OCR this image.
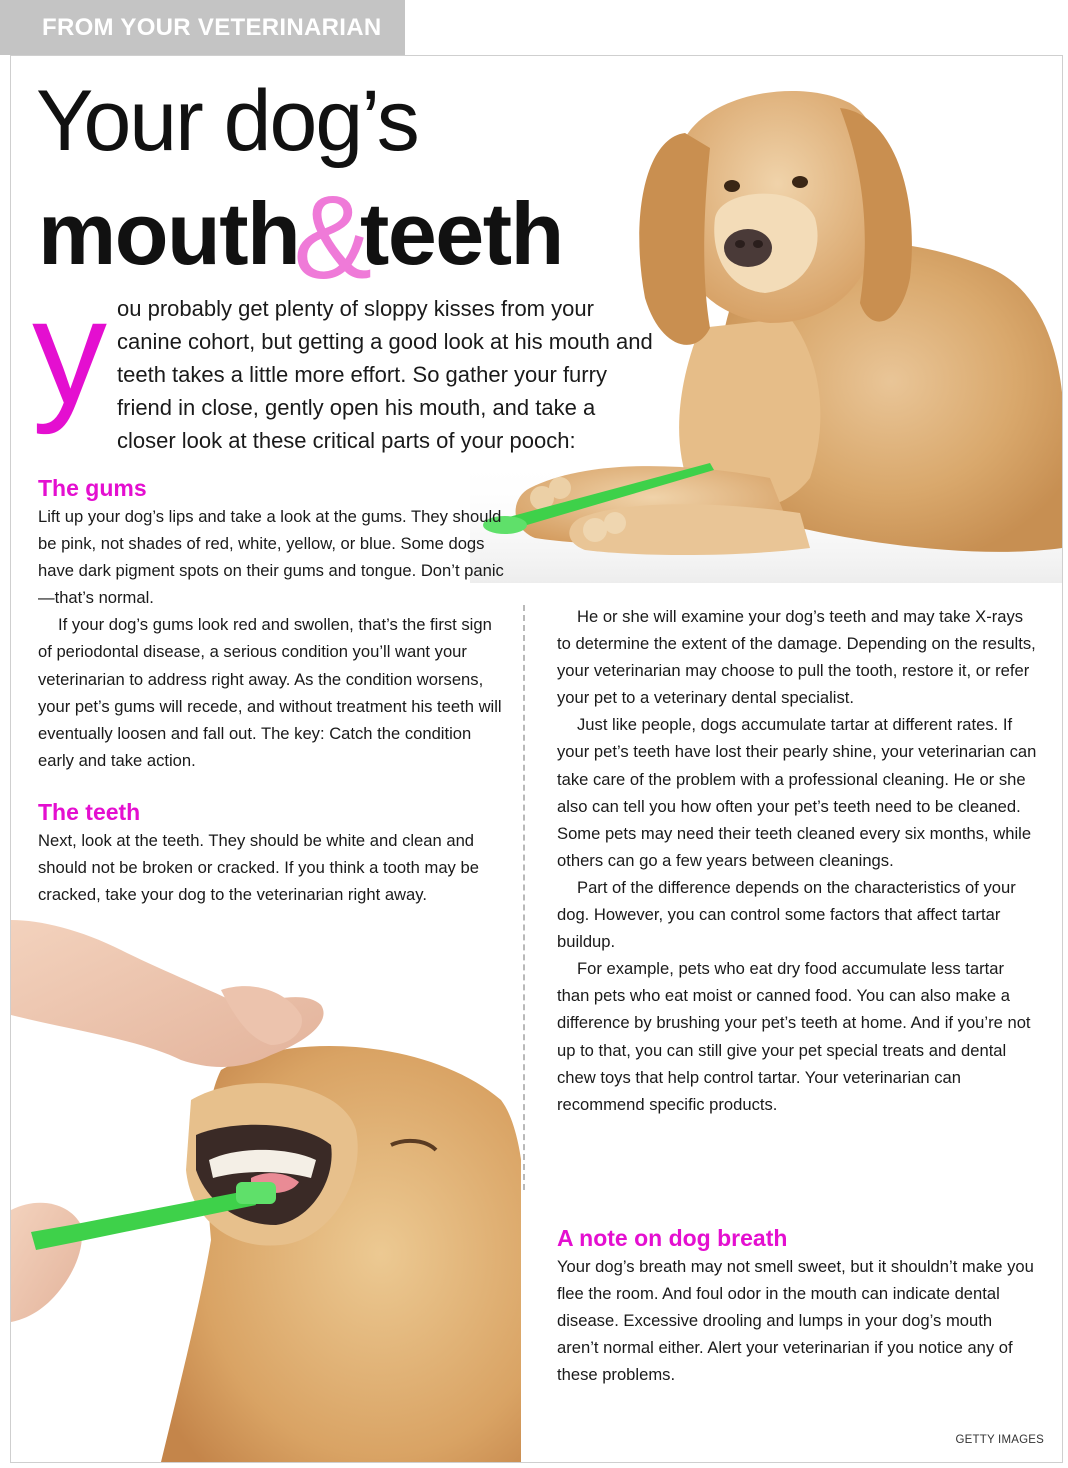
FROM YOUR VETERINARIAN
Your dog’s
mouth&teeth
y ou probably get plenty of sloppy kisses from your canine cohort, but getting a good look at his mouth and teeth takes a little more effort. So gather your furry friend in close, gently open his mouth, and take a closer look at these critical parts of your pooch:
The gums

Lift up your dog’s lips and take a look at the gums. They should be pink, not shades of red, white, yellow, or blue. Some dogs have dark pigment spots on their gums and tongue. Don’t panic—that’s normal.

If your dog’s gums look red and swollen, that’s the first sign of periodontal disease, a serious condition you’ll want your veterinarian to address right away. As the condition worsens, your pet’s gums will recede, and without treatment his teeth will eventually loosen and fall out. The key: Catch the condition early and take action.

The teeth

Next, look at the teeth. They should be white and clean and should not be broken or cracked. If you think a tooth may be cracked, take your dog to the veterinarian right away.

He or she will examine your dog’s teeth and may take X-rays to determine the extent of the damage. Depending on the results, your veterinarian may choose to pull the tooth, restore it, or refer your pet to a veterinary dental specialist.

Just like people, dogs accumulate tartar at different rates. If your pet’s teeth have lost their pearly shine, your veterinarian can take care of the problem with a professional cleaning. He or she also can tell you how often your pet’s teeth need to be cleaned. Some pets may need their teeth cleaned every six months, while others can go a few years between cleanings.

Part of the difference depends on the characteristics of your dog. However, you can control some factors that affect tartar buildup.

For example, pets who eat dry food accumulate less tartar than pets who eat moist or canned food. You can also make a difference by brushing your pet’s teeth at home. And if you’re not up to that, you can still give your pet special treats and dental chew toys that help control tartar. Your veterinarian can recommend specific products.

A note on dog breath

Your dog’s breath may not smell sweet, but it shouldn’t make you flee the room. And foul odor in the mouth can indicate dental disease. Excessive drooling and lumps in your dog’s mouth aren’t normal either. Alert your veterinarian if you notice any of these problems.

GETTY IMAGES
